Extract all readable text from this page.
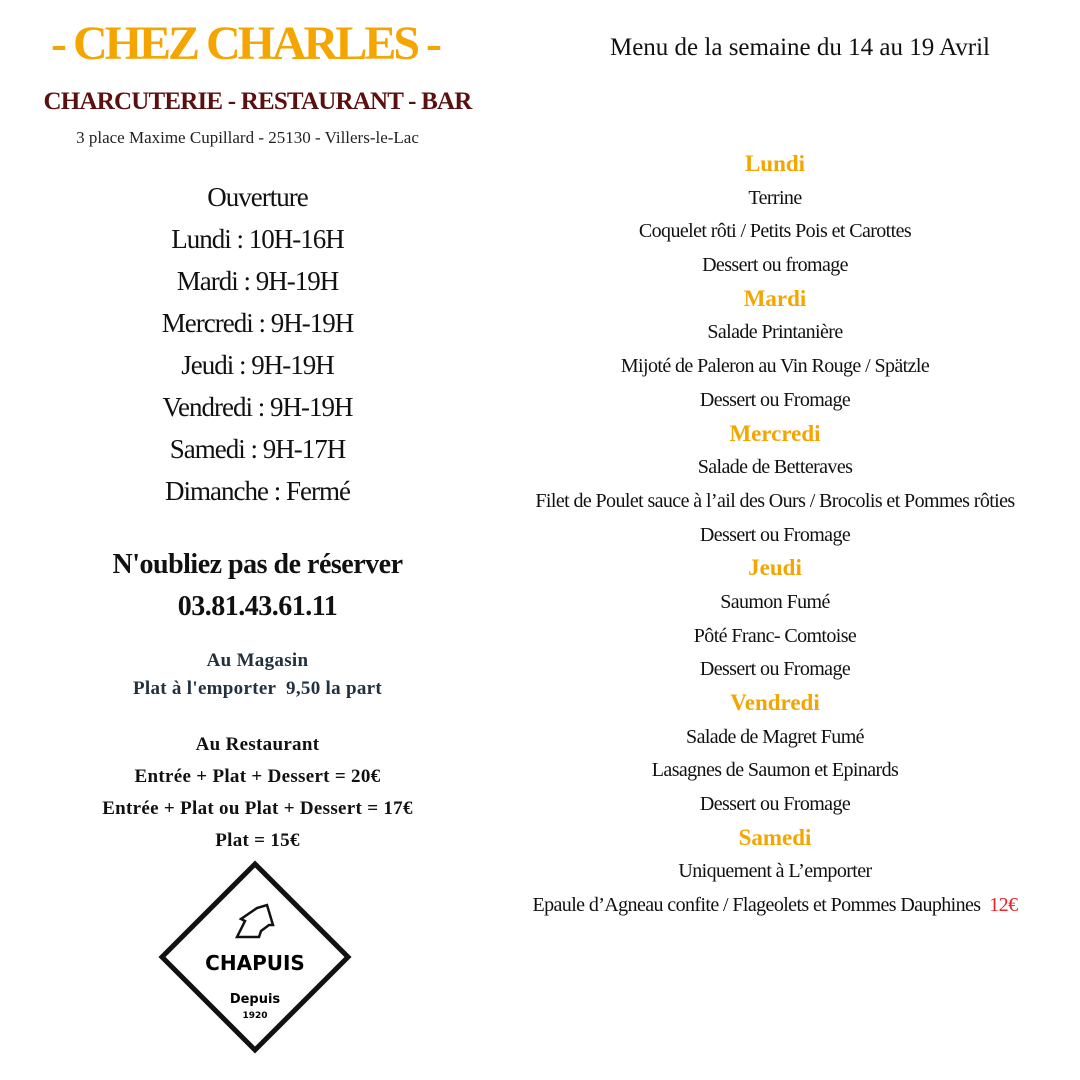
- CHEZ CHARLES -
CHARCUTERIE - RESTAURANT - BAR
3 place Maxime Cupillard - 25130 - Villers-le-Lac
Menu de la semaine du 14 au 19 Avril
Ouverture
Lundi : 10H-16H
Mardi : 9H-19H
Mercredi : 9H-19H
Jeudi : 9H-19H
Vendredi : 9H-19H
Samedi : 9H-17H
Dimanche : Fermé
N'oubliez pas de réserver
03.81.43.61.11
Au Magasin
Plat à l'emporter  9,50 la part
Au Restaurant
Entrée + Plat + Dessert = 20€
Entrée + Plat ou Plat + Dessert = 17€
Plat = 15€
CHAPUIS
Depuis
1920
Lundi
Terrine
Coquelet rôti / Petits Pois et Carottes
Dessert ou fromage
Mardi
Salade Printanière
Mijoté de Paleron au Vin Rouge / Spätzle
Dessert ou Fromage
Mercredi
Salade de Betteraves
Filet de Poulet sauce à l’ail des Ours / Brocolis et Pommes rôties
Dessert ou Fromage
Jeudi
Saumon Fumé
Pôté Franc- Comtoise
Dessert ou Fromage
Vendredi
Salade de Magret Fumé
Lasagnes de Saumon et Epinards
Dessert ou Fromage
Samedi
Uniquement à L’emporter
Epaule d’Agneau confite / Flageolets et Pommes Dauphines 12€
